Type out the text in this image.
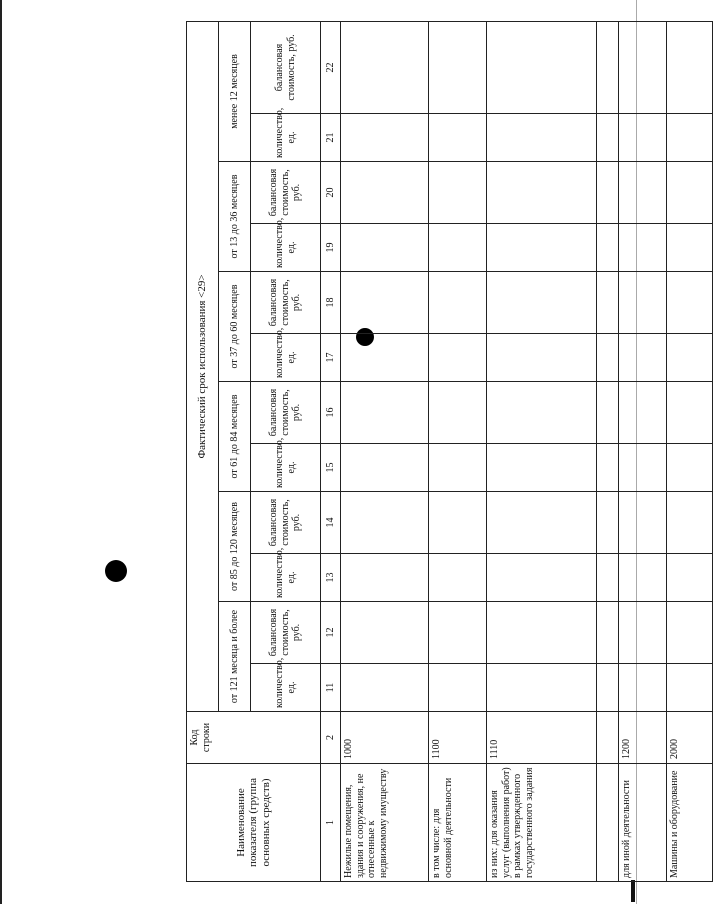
Наименование показателя (группа основных средств)	Код строки	Фактический срок использования <29>											
		от 121 месяца и более		от 85 до 120 месяцев		от 61 до 84 месяцев		от 37 до 60 месяцев		от 13 до 36 месяцев		менее 12 месяцев	
		количество, ед.	балансовая стоимость, руб.	количество, ед.	балансовая стоимость, руб.	количество, ед.	балансовая стоимость, руб.	количество, ед.	балансовая стоимость, руб.	количество, ед.	балансовая стоимость, руб.	количество, ед.	балансовая стоимость, руб.
1	2	11	12	13	14	15	16	17	18	19	20	21	22
Нежилые помещения, здания и сооружения, не отнесенные к недвижимому имуществу	1000												
в том числе: для основной деятельности	1100												
из них: для оказания услуг (выполнения работ) в рамках утвержденного государственного задания	1110												

для иной деятельности	1200												
Машины и оборудование	2000												
